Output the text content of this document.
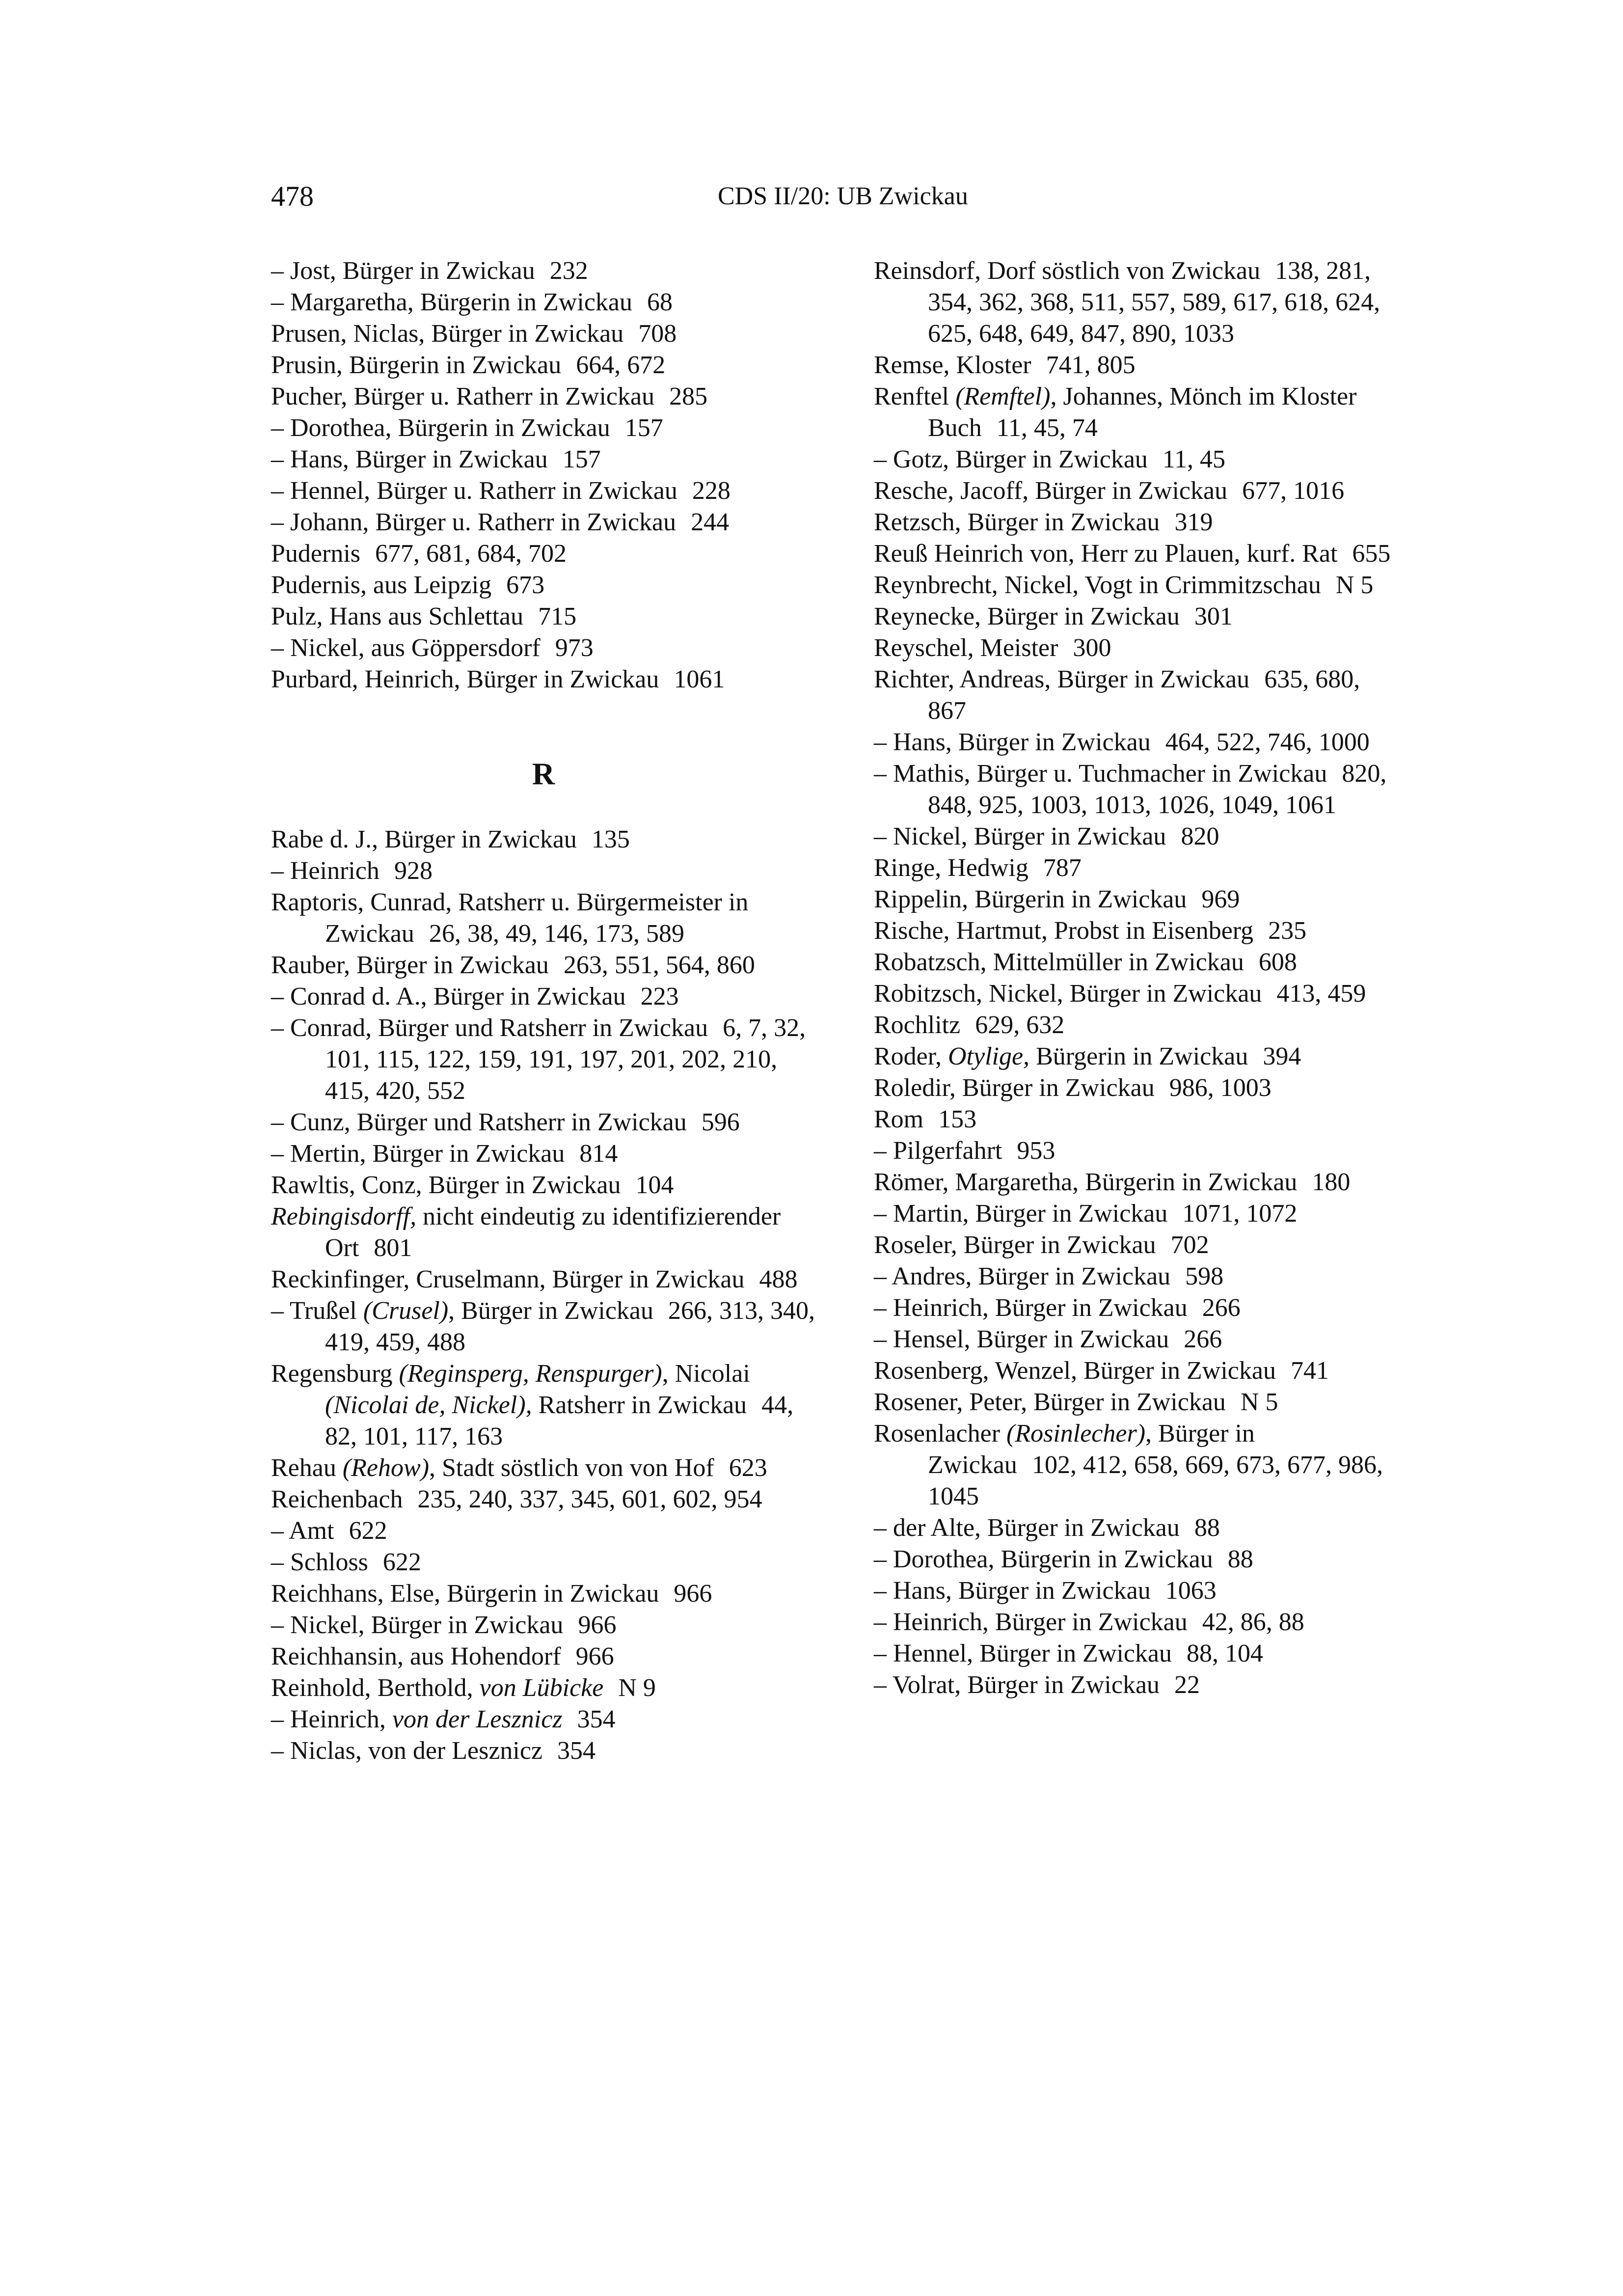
478	CDS II/20: UB Zwickau
– Jost, Bürger in Zwickau 232
– Margaretha, Bürgerin in Zwickau 68
Prusen, Niclas, Bürger in Zwickau 708
Prusin, Bürgerin in Zwickau 664, 672
Pucher, Bürger u. Ratherr in Zwickau 285
– Dorothea, Bürgerin in Zwickau 157
– Hans, Bürger in Zwickau 157
– Hennel, Bürger u. Ratherr in Zwickau 228
– Johann, Bürger u. Ratherr in Zwickau 244
Pudernis 677, 681, 684, 702
Pudernis, aus Leipzig 673
Pulz, Hans aus Schlettau 715
– Nickel, aus Göppersdorf 973
Purbard, Heinrich, Bürger in Zwickau 1061
R
Rabe d. J., Bürger in Zwickau 135
– Heinrich 928
Raptoris, Cunrad, Ratsherr u. Bürgermeister in Zwickau 26, 38, 49, 146, 173, 589
Rauber, Bürger in Zwickau 263, 551, 564, 860
– Conrad d. A., Bürger in Zwickau 223
– Conrad, Bürger und Ratsherr in Zwickau 6, 7, 32, 101, 115, 122, 159, 191, 197, 201, 202, 210, 415, 420, 552
– Cunz, Bürger und Ratsherr in Zwickau 596
– Mertin, Bürger in Zwickau 814
Rawltis, Conz, Bürger in Zwickau 104
Rebingisdorff, nicht eindeutig zu identifizierender Ort 801
Reckinfinger, Cruselmann, Bürger in Zwickau 488
– Trußel (Crusel), Bürger in Zwickau 266, 313, 340, 419, 459, 488
Regensburg (Reginsperg, Renspurger), Nicolai (Nicolai de, Nickel), Ratsherr in Zwickau 44, 82, 101, 117, 163
Rehau (Rehow), Stadt söstlich von von Hof 623
Reichenbach 235, 240, 337, 345, 601, 602, 954
– Amt 622
– Schloss 622
Reichhans, Else, Bürgerin in Zwickau 966
– Nickel, Bürger in Zwickau 966
Reichhansin, aus Hohendorf 966
Reinhold, Berthold, von Lübicke N 9
– Heinrich, von der Lesznicz 354
– Niclas, von der Lesznicz 354
Reinsdorf, Dorf söstlich von Zwickau 138, 281, 354, 362, 368, 511, 557, 589, 617, 618, 624, 625, 648, 649, 847, 890, 1033
Remse, Kloster 741, 805
Renftel (Remftel), Johannes, Mönch im Kloster Buch 11, 45, 74
– Gotz, Bürger in Zwickau 11, 45
Resche, Jacoff, Bürger in Zwickau 677, 1016
Retzsch, Bürger in Zwickau 319
Reuß Heinrich von, Herr zu Plauen, kurf. Rat 655
Reynbrecht, Nickel, Vogt in Crimmitzschau N 5
Reynecke, Bürger in Zwickau 301
Reyschel, Meister 300
Richter, Andreas, Bürger in Zwickau 635, 680, 867
– Hans, Bürger in Zwickau 464, 522, 746, 1000
– Mathis, Bürger u. Tuchmacher in Zwickau 820, 848, 925, 1003, 1013, 1026, 1049, 1061
– Nickel, Bürger in Zwickau 820
Ringe, Hedwig 787
Rippelin, Bürgerin in Zwickau 969
Rische, Hartmut, Probst in Eisenberg 235
Robatzsch, Mittelmüller in Zwickau 608
Robitzsch, Nickel, Bürger in Zwickau 413, 459
Rochlitz 629, 632
Roder, Otylige, Bürgerin in Zwickau 394
Roledir, Bürger in Zwickau 986, 1003
Rom 153
– Pilgerfahrt 953
Römer, Margaretha, Bürgerin in Zwickau 180
– Martin, Bürger in Zwickau 1071, 1072
Roseler, Bürger in Zwickau 702
– Andres, Bürger in Zwickau 598
– Heinrich, Bürger in Zwickau 266
– Hensel, Bürger in Zwickau 266
Rosenberg, Wenzel, Bürger in Zwickau 741
Rosener, Peter, Bürger in Zwickau N 5
Rosenlacher (Rosinlecher), Bürger in Zwickau 102, 412, 658, 669, 673, 677, 986, 1045
– der Alte, Bürger in Zwickau 88
– Dorothea, Bürgerin in Zwickau 88
– Hans, Bürger in Zwickau 1063
– Heinrich, Bürger in Zwickau 42, 86, 88
– Hennel, Bürger in Zwickau 88, 104
– Volrat, Bürger in Zwickau 22
